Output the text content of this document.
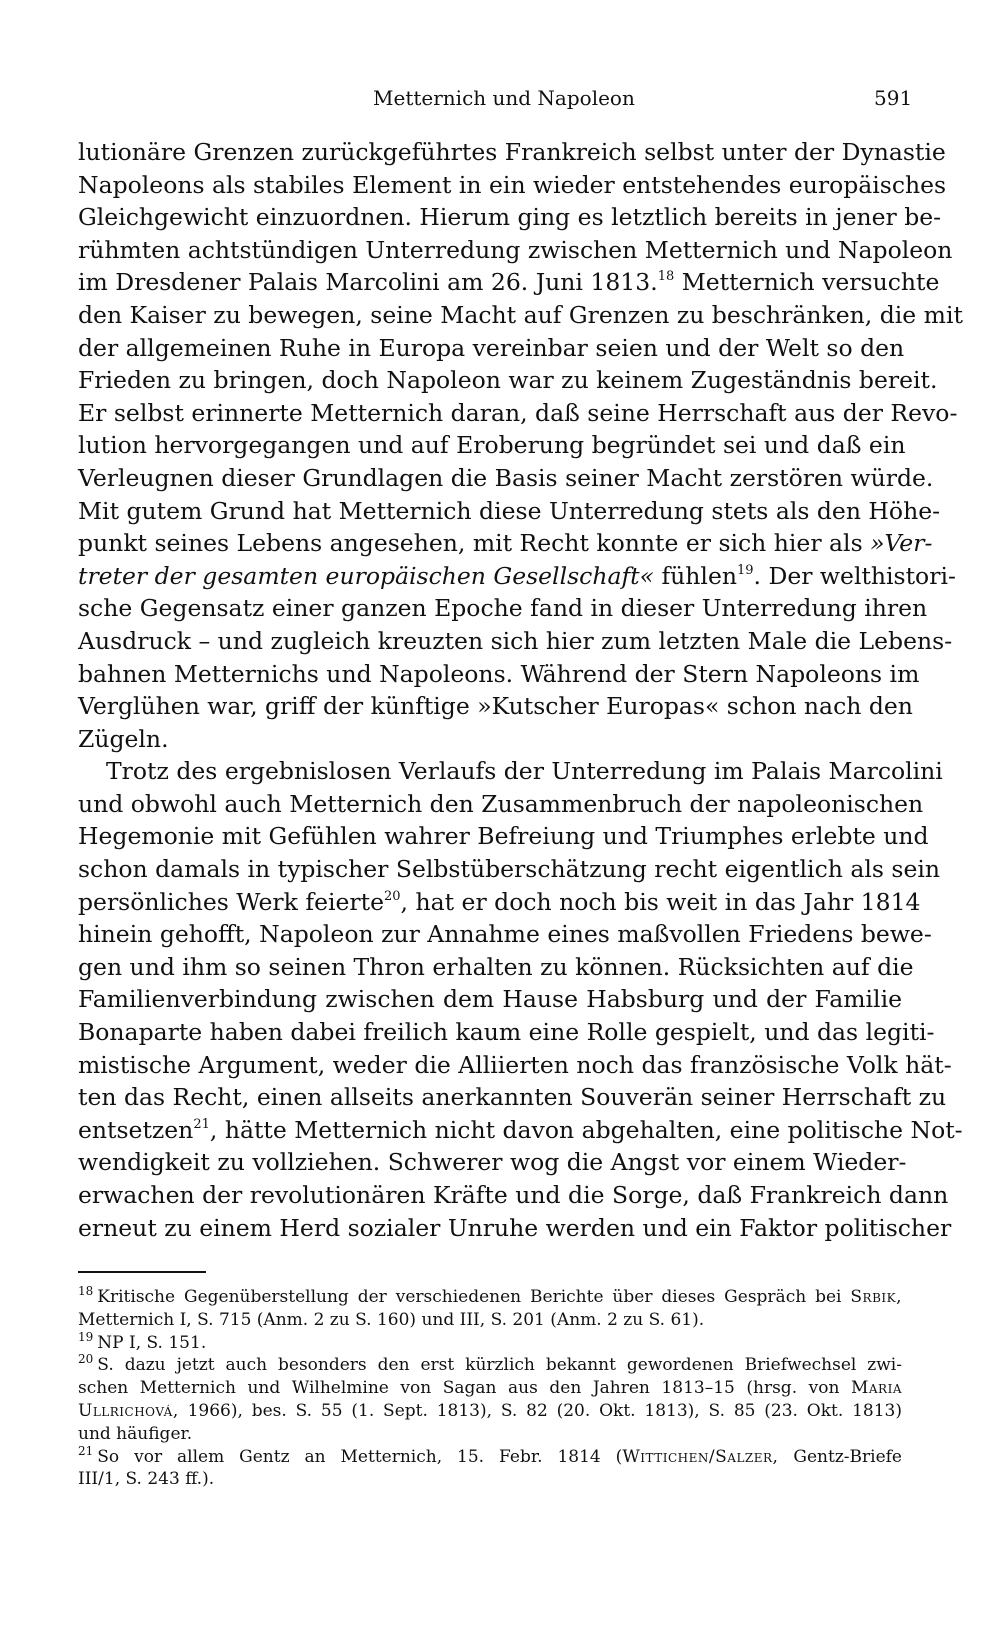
Metternich und Napoleon	591
lutionäre Grenzen zurückgeführtes Frankreich selbst unter der Dynastie
Napoleons als stabiles Element in ein wieder entstehendes europäisches
Gleichgewicht einzuordnen. Hierum ging es letztlich bereits in jener be-
rühmten achtstündigen Unterredung zwischen Metternich und Napoleon
im Dresdener Palais Marcolini am 26. Juni 1813.18 Metternich versuchte
den Kaiser zu bewegen, seine Macht auf Grenzen zu beschränken, die mit
der allgemeinen Ruhe in Europa vereinbar seien und der Welt so den
Frieden zu bringen, doch Napoleon war zu keinem Zugeständnis bereit.
Er selbst erinnerte Metternich daran, daß seine Herrschaft aus der Revo-
lution hervorgegangen und auf Eroberung begründet sei und daß ein
Verleugnen dieser Grundlagen die Basis seiner Macht zerstören würde.
Mit gutem Grund hat Metternich diese Unterredung stets als den Höhe-
punkt seines Lebens angesehen, mit Recht konnte er sich hier als »Ver-
treter der gesamten europäischen Gesellschaft« fühlen$^{19}$. Der welthistori-
sche Gegensatz einer ganzen Epoche fand in dieser Unterredung ihren
Ausdruck – und zugleich kreuzten sich hier zum letzten Male die Lebens-
bahnen Metternichs und Napoleons. Während der Stern Napoleons im
Verglühen war, griff der künftige »Kutscher Europas« schon nach den
Zügeln.
Trotz des ergebnislosen Verlaufs der Unterredung im Palais Marcolini
und obwohl auch Metternich den Zusammenbruch der napoleonischen
Hegemonie mit Gefühlen wahrer Befreiung und Triumphes erlebte und
schon damals in typischer Selbstüberschätzung recht eigentlich als sein
persönliches Werk feierte$^{20}$, hat er doch noch bis weit in das Jahr 1814
hinein gehofft, Napoleon zur Annahme eines maßvollen Friedens bewe-
gen und ihm so seinen Thron erhalten zu können. Rücksichten auf die
Familienverbindung zwischen dem Hause Habsburg und der Familie
Bonaparte haben dabei freilich kaum eine Rolle gespielt, und das legiti-
mistische Argument, weder die Alliierten noch das französische Volk hät-
ten das Recht, einen allseits anerkannten Souverän seiner Herrschaft zu
entsetzen$^{21}$, hätte Metternich nicht davon abgehalten, eine politische Not-
wendigkeit zu vollziehen. Schwerer wog die Angst vor einem Wieder-
erwachen der revolutionären Kräfte und die Sorge, daß Frankreich dann
erneut zu einem Herd sozialer Unruhe werden und ein Faktor politischer
$^{18}$ Kritische Gegenüberstellung der verschiedenen Berichte über dieses Gespräch bei Srbik,
Metternich I, S. 715 (Anm. 2 zu S. 160) und III, S. 201 (Anm. 2 zu S. 61).
$^{19}$ NP I, S. 151.
$^{20}$ S. dazu jetzt auch besonders den erst kürzlich bekannt gewordenen Briefwechsel zwi-
schen Metternich und Wilhelmine von Sagan aus den Jahren 1813–15 (hrsg. von Maria
Ullrichová, 1966), bes. S. 55 (1. Sept. 1813), S. 82 (20. Okt. 1813), S. 85 (23. Okt. 1813)
und häufiger.
$^{21}$ So vor allem Gentz an Metternich, 15. Febr. 1814 (Wittichen/Salzer, Gentz-Briefe
III/1, S. 243 ff.).
